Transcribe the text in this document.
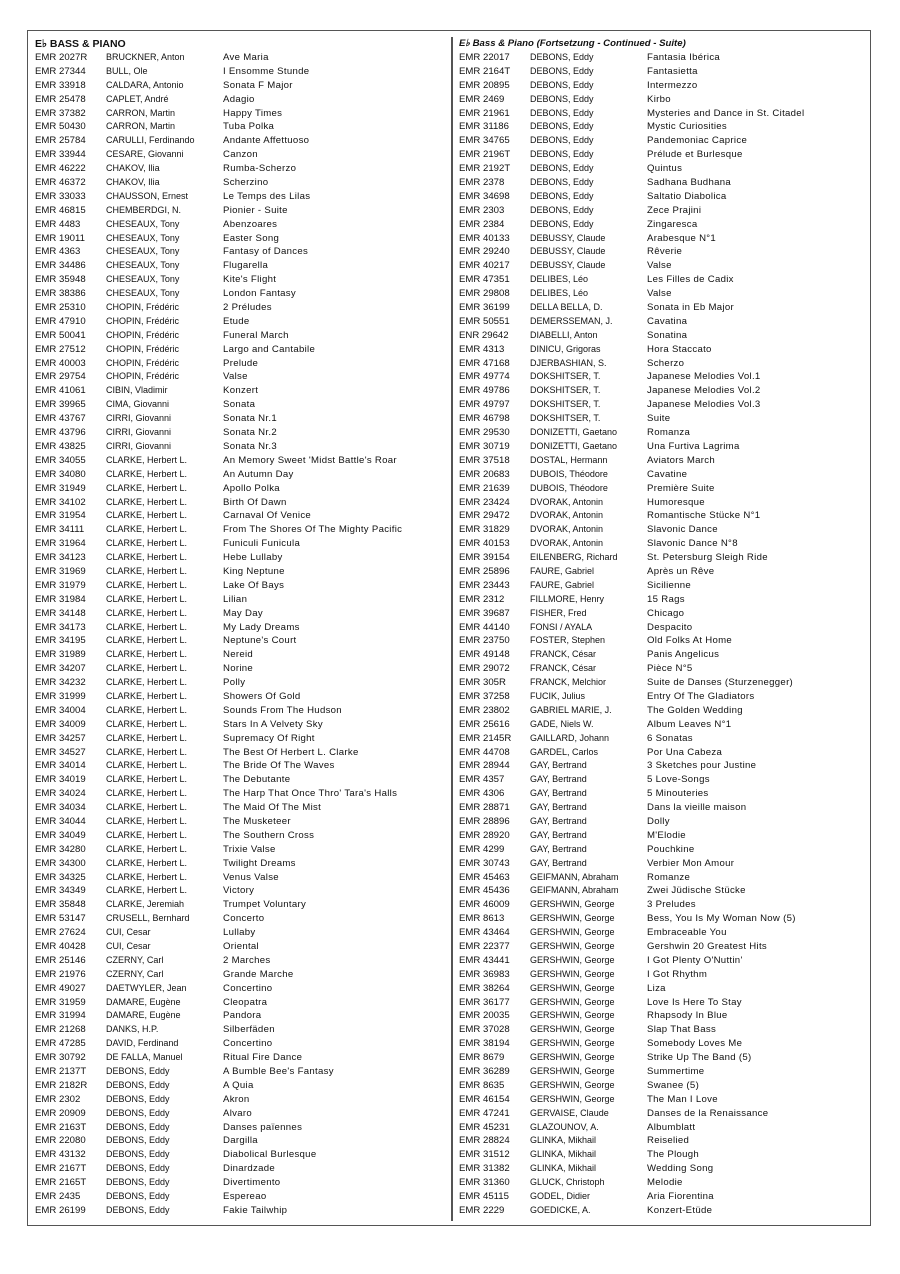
E♭ BASS & PIANO
EMR 2027R BRUCKNER, Anton	Ave Maria
EMR 27344 BULL, Ole	I Ensomme Stunde
EMR 33918 CALDARA, Antonio	Sonata F Major
EMR 25478 CAPLET, André	Adagio
EMR 37382 CARRON, Martin	Happy Times
EMR 50430 CARRON, Martin	Tuba Polka
EMR 25784 CARULLI, Ferdinando	Andante Affettuoso
EMR 33944 CESARE, Giovanni	Canzon
EMR 46222 CHAKOV, Ilia	Rumba-Scherzo
EMR 46372 CHAKOV, Ilia	Scherzino
EMR 33033 CHAUSSON, Ernest	Le Temps des Lilas
EMR 46815 CHEMBERDGI, N.	Pionier - Suite
EMR 4483	CHESEAUX, Tony	Abenzoares
EMR 19011 CHESEAUX, Tony	Easter Song
EMR 4363	CHESEAUX, Tony	Fantasy of Dances
EMR 34486 CHESEAUX, Tony	Flugarella
EMR 35948 CHESEAUX, Tony	Kite's Flight
EMR 38386 CHESEAUX, Tony	London Fantasy
EMR 25310 CHOPIN, Frédéric	2 Préludes
EMR 47910 CHOPIN, Frédéric	Etude
EMR 50041 CHOPIN, Frédéric	Funeral March
EMR 27512 CHOPIN, Frédéric	Largo and Cantabile
EMR 40003 CHOPIN, Frédéric	Prelude
EMR 29754 CHOPIN, Frédéric	Valse
EMR 41061 CIBIN, Vladimir	Konzert
EMR 39965 CIMA, Giovanni	Sonata
EMR 43767 CIRRI, Giovanni	Sonata Nr.1
EMR 43796 CIRRI, Giovanni	Sonata Nr.2
EMR 43825 CIRRI, Giovanni	Sonata Nr.3
EMR 34055 CLARKE, Herbert L.	An Memory Sweet 'Midst Battle's Roar
EMR 34080 CLARKE, Herbert L.	An Autumn Day
EMR 31949 CLARKE, Herbert L.	Apollo Polka
EMR 34102 CLARKE, Herbert L.	Birth Of Dawn
EMR 31954 CLARKE, Herbert L.	Carnaval Of Venice
EMR 34111 CLARKE, Herbert L.	From The Shores Of The Mighty Pacific
EMR 31964 CLARKE, Herbert L.	Funiculi Funicula
EMR 34123 CLARKE, Herbert L.	Hebe Lullaby
EMR 31969 CLARKE, Herbert L.	King Neptune
EMR 31979 CLARKE, Herbert L.	Lake Of Bays
EMR 31984 CLARKE, Herbert L.	Lilian
EMR 34148 CLARKE, Herbert L.	May Day
EMR 34173 CLARKE, Herbert L.	My Lady Dreams
EMR 34195 CLARKE, Herbert L.	Neptune's Court
EMR 31989 CLARKE, Herbert L.	Nereid
EMR 34207 CLARKE, Herbert L.	Norine
EMR 34232 CLARKE, Herbert L.	Polly
EMR 31999 CLARKE, Herbert L.	Showers Of Gold
EMR 34004 CLARKE, Herbert L.	Sounds From The Hudson
EMR 34009 CLARKE, Herbert L.	Stars In A Velvety Sky
EMR 34257 CLARKE, Herbert L.	Supremacy Of Right
EMR 34527 CLARKE, Herbert L.	The Best Of Herbert L. Clarke
EMR 34014 CLARKE, Herbert L.	The Bride Of The Waves
EMR 34019 CLARKE, Herbert L.	The Debutante
EMR 34024 CLARKE, Herbert L.	The Harp That Once Thro' Tara's Halls
EMR 34034 CLARKE, Herbert L.	The Maid Of The Mist
EMR 34044 CLARKE, Herbert L.	The Musketeer
EMR 34049 CLARKE, Herbert L.	The Southern Cross
EMR 34280 CLARKE, Herbert L.	Trixie Valse
EMR 34300 CLARKE, Herbert L.	Twilight Dreams
EMR 34325 CLARKE, Herbert L.	Venus Valse
EMR 34349 CLARKE, Herbert L.	Victory
EMR 35848 CLARKE, Jeremiah	Trumpet Voluntary
EMR 53147 CRUSELL, Bernhard	Concerto
EMR 27624 CUI, Cesar	Lullaby
EMR 40428 CUI, Cesar	Oriental
EMR 25146 CZERNY, Carl	2 Marches
EMR 21976 CZERNY, Carl	Grande Marche
EMR 49027 DAETWYLER, Jean	Concertino
EMR 31959 DAMARE, Eugène	Cleopatra
EMR 31994 DAMARE, Eugène	Pandora
EMR 21268 DANKS, H.P.	Silberfäden
EMR 47285 DAVID, Ferdinand	Concertino
EMR 30792 DE FALLA, Manuel	Ritual Fire Dance
EMR 2137T DEBONS, Eddy	A Bumble Bee's Fantasy
EMR 2182R DEBONS, Eddy	A Quia
EMR 2302	DEBONS, Eddy	Akron
EMR 20909 DEBONS, Eddy	Alvaro
EMR 2163T DEBONS, Eddy	Danses païennes
EMR 22080 DEBONS, Eddy	Dargilla
EMR 43132 DEBONS, Eddy	Diabolical Burlesque
EMR 2167T DEBONS, Eddy	Dinardzade
EMR 2165T DEBONS, Eddy	Divertimento
EMR 2435	DEBONS, Eddy	Espereao
EMR 26199 DEBONS, Eddy	Fakie Tailwhip
E♭ Bass & Piano (Fortsetzung - Continued - Suite)
EMR 22017 DEBONS, Eddy	Fantasia Ibérica
EMR 2164T DEBONS, Eddy	Fantasietta
EMR 20895 DEBONS, Eddy	Intermezzo
EMR 2469	DEBONS, Eddy	Kirbo
EMR 21961 DEBONS, Eddy	Mysteries and Dance in St. Citadel
EMR 31186 DEBONS, Eddy	Mystic Curiosities
EMR 34765 DEBONS, Eddy	Pandemoniac Caprice
EMR 2196T DEBONS, Eddy	Prélude et Burlesque
EMR 2192T DEBONS, Eddy	Quintus
EMR 2378	DEBONS, Eddy	Sadhana Budhana
EMR 34698 DEBONS, Eddy	Saltatio Diabolica
EMR 2303	DEBONS, Eddy	Zece Prajini
EMR 2384	DEBONS, Eddy	Zingaresca
EMR 40133 DEBUSSY, Claude	Arabesque N°1
EMR 29240 DEBUSSY, Claude	Rêverie
EMR 40217 DEBUSSY, Claude	Valse
EMR 47351 DELIBES, Léo	Les Filles de Cadix
EMR 29808 DELIBES, Léo	Valse
EMR 36199 DELLA BELLA, D.	Sonata in Eb Major
EMR 50551 DEMERSSEMAN, J.	Cavatina
ENR 29642 DIABELLI, Anton	Sonatina
EMR 4313	DINICU, Grigoras	Hora Staccato
EMR 47168 DJERBASHIAN, S.	Scherzo
EMR 49774 DOKSHITSER, T.	Japanese Melodies Vol.1
EMR 49786 DOKSHITSER, T.	Japanese Melodies Vol.2
EMR 49797 DOKSHITSER, T.	Japanese Melodies Vol.3
EMR 46798 DOKSHITSER, T.	Suite
EMR 29530 DONIZETTI, Gaetano	Romanza
EMR 30719 DONIZETTI, Gaetano	Una Furtiva Lagrima
EMR 37518 DOSTAL, Hermann	Aviators March
EMR 20683 DUBOIS, Théodore	Cavatine
EMR 21639 DUBOIS, Théodore	Première Suite
EMR 23424 DVORAK, Antonin	Humoresque
EMR 29472 DVORAK, Antonin	Romantische Stücke N°1
EMR 31829 DVORAK, Antonin	Slavonic Dance
EMR 40153 DVORAK, Antonin	Slavonic Dance N°8
EMR 39154 EILENBERG, Richard	St. Petersburg Sleigh Ride
EMR 25896 FAURE, Gabriel	Après un Rêve
EMR 23443 FAURE, Gabriel	Sicilienne
EMR 2312	FILLMORE, Henry	15 Rags
EMR 39687 FISHER, Fred	Chicago
EMR 44140 FONSI / AYALA	Despacito
EMR 23750 FOSTER, Stephen	Old Folks At Home
EMR 49148 FRANCK, César	Panis Angelicus
EMR 29072 FRANCK, César	Pièce N°5
EMR 305R	FRANCK, Melchior	Suite de Danses (Sturzenegger)
EMR 37258 FUCIK, Julius	Entry Of The Gladiators
EMR 23802 GABRIEL MARIE, J.	The Golden Wedding
EMR 25616 GADE, Niels W.	Album Leaves N°1
EMR 2145R GAILLARD, Johann	6 Sonatas
EMR 44708 GARDEL, Carlos	Por Una Cabeza
EMR 28944 GAY, Bertrand	3 Sketches pour Justine
EMR 4357	GAY, Bertrand	5 Love-Songs
EMR 4306	GAY, Bertrand	5 Minouteries
EMR 28871 GAY, Bertrand	Dans la vieille maison
EMR 28896 GAY, Bertrand	Dolly
EMR 28920 GAY, Bertrand	M'Elodie
EMR 4299	GAY, Bertrand	Pouchkine
EMR 30743 GAY, Bertrand	Verbier Mon Amour
EMR 45463 GEIFMANN, Abraham	Romanze
EMR 45436 GEIFMANN, Abraham	Zwei Jüdische Stücke
EMR 46009 GERSHWIN, George	3 Preludes
EMR 8613	GERSHWIN, George	Bess, You Is My Woman Now (5)
EMR 43464 GERSHWIN, George	Embraceable You
EMR 22377 GERSHWIN, George	Gershwin 20 Greatest Hits
EMR 43441 GERSHWIN, George	I Got Plenty O'Nuttin'
EMR 36983 GERSHWIN, George	I Got Rhythm
EMR 38264 GERSHWIN, George	Liza
EMR 36177 GERSHWIN, George	Love Is Here To Stay
EMR 20035 GERSHWIN, George	Rhapsody In Blue
EMR 37028 GERSHWIN, George	Slap That Bass
EMR 38194 GERSHWIN, George	Somebody Loves Me
EMR 8679	GERSHWIN, George	Strike Up The Band (5)
EMR 36289 GERSHWIN, George	Summertime
EMR 8635	GERSHWIN, George	Swanee (5)
EMR 46154 GERSHWIN, George	The Man I Love
EMR 47241 GERVAISE, Claude	Danses de la Renaissance
EMR 45231 GLAZOUNOV, A.	Albumblatt
EMR 28824 GLINKA, Mikhail	Reiselied
EMR 31512 GLINKA, Mikhail	The Plough
EMR 31382 GLINKA, Mikhail	Wedding Song
EMR 31360 GLUCK, Christoph	Melodie
EMR 45115 GODEL, Didier	Aria Fiorentina
EMR 2229	GOEDICKE, A.	Konzert-Etüde
